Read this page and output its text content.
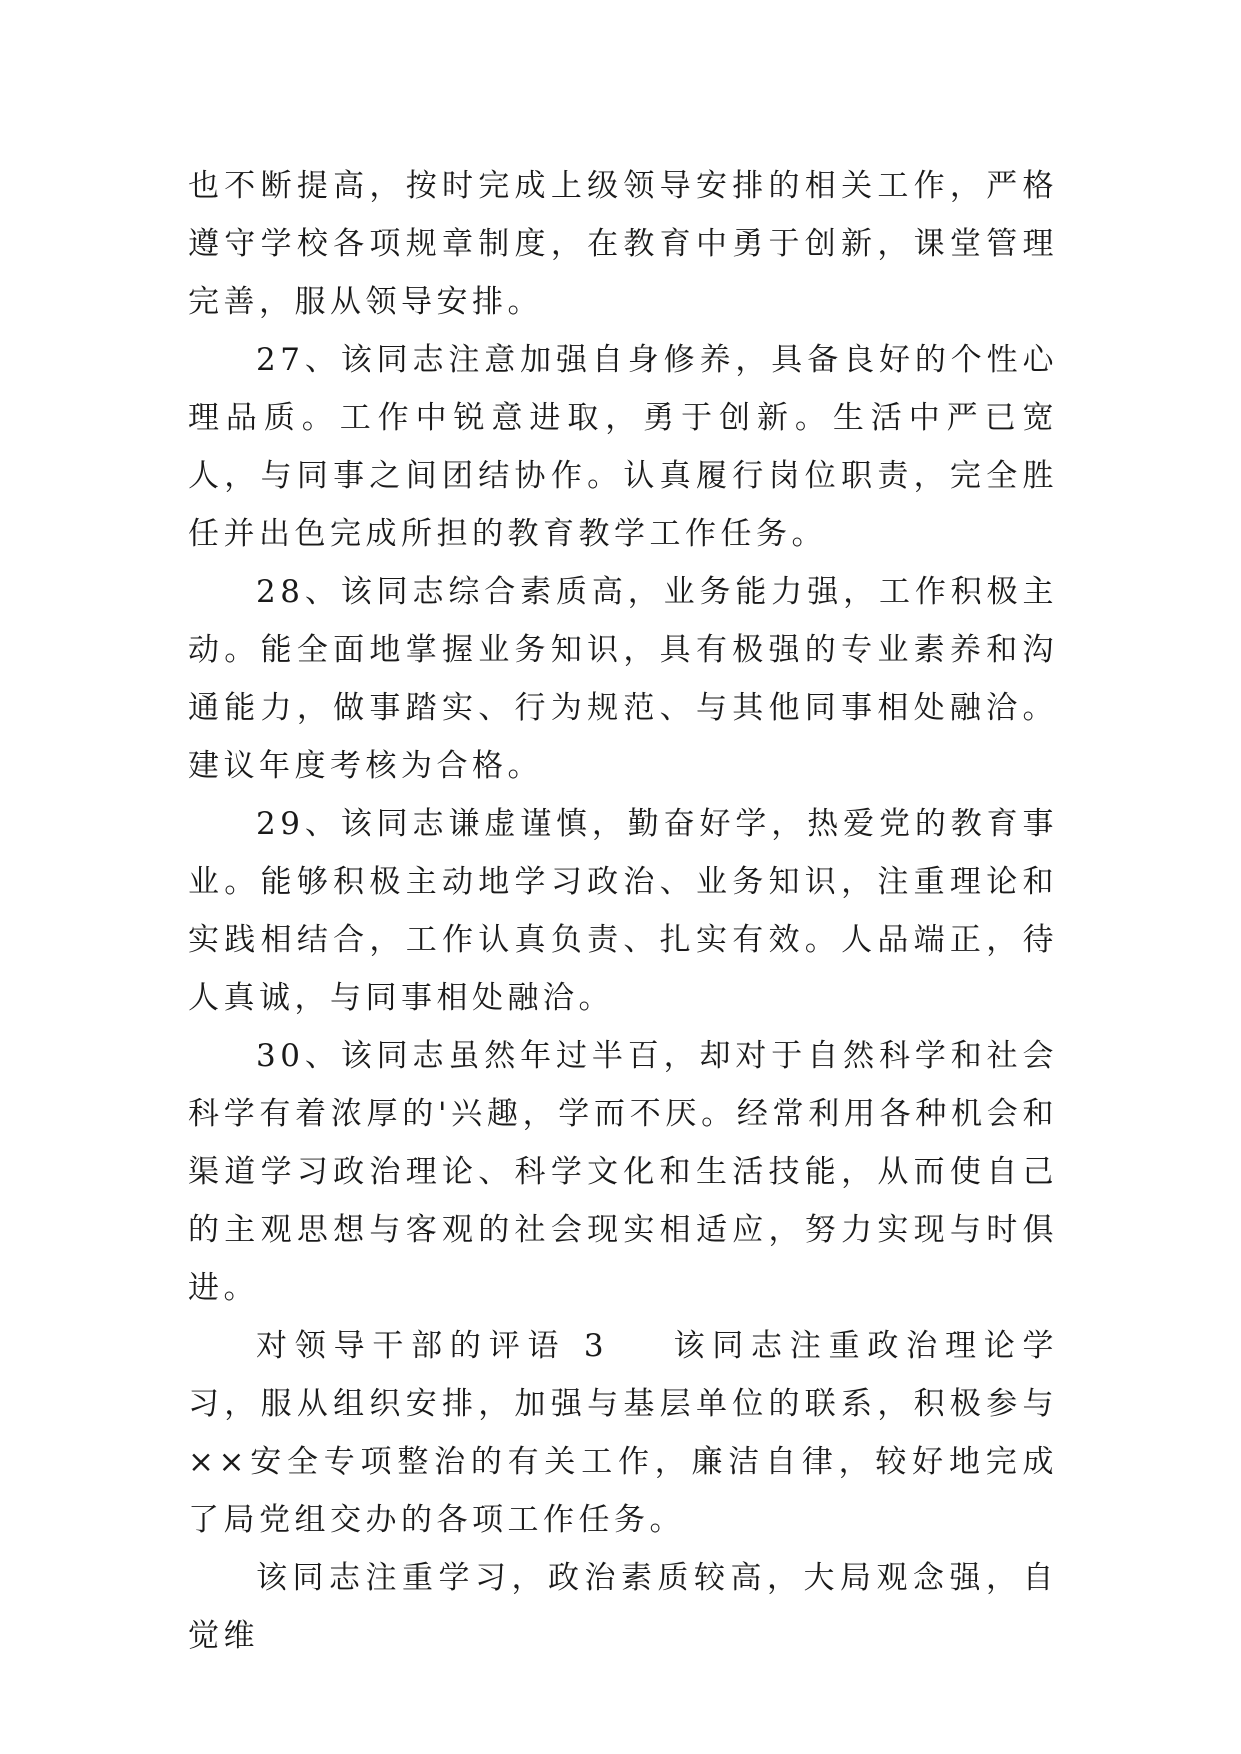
也不断提高，按时完成上级领导安排的相关工作，严格遵守学校各项规章制度，在教育中勇于创新，课堂管理完善，服从领导安排。

27、该同志注意加强自身修养，具备良好的个性心理品质。工作中锐意进取，勇于创新。生活中严已宽人，与同事之间团结协作。认真履行岗位职责，完全胜任并出色完成所担的教育教学工作任务。

28、该同志综合素质高，业务能力强，工作积极主动。能全面地掌握业务知识，具有极强的专业素养和沟通能力，做事踏实、行为规范、与其他同事相处融洽。建议年度考核为合格。

29、该同志谦虚谨慎，勤奋好学，热爱党的教育事业。能够积极主动地学习政治、业务知识，注重理论和实践相结合，工作认真负责、扎实有效。人品端正，待人真诚，与同事相处融洽。

30、该同志虽然年过半百，却对于自然科学和社会科学有着浓厚的'兴趣，学而不厌。经常利用各种机会和渠道学习政治理论、科学文化和生活技能，从而使自己的主观思想与客观的社会现实相适应，努力实现与时俱进。

对领导干部的评语 3 该同志注重政治理论学习，服从组织安排，加强与基层单位的联系，积极参与××安全专项整治的有关工作，廉洁自律，较好地完成了局党组交办的各项工作任务。

该同志注重学习，政治素质较高，大局观念强，自觉维
